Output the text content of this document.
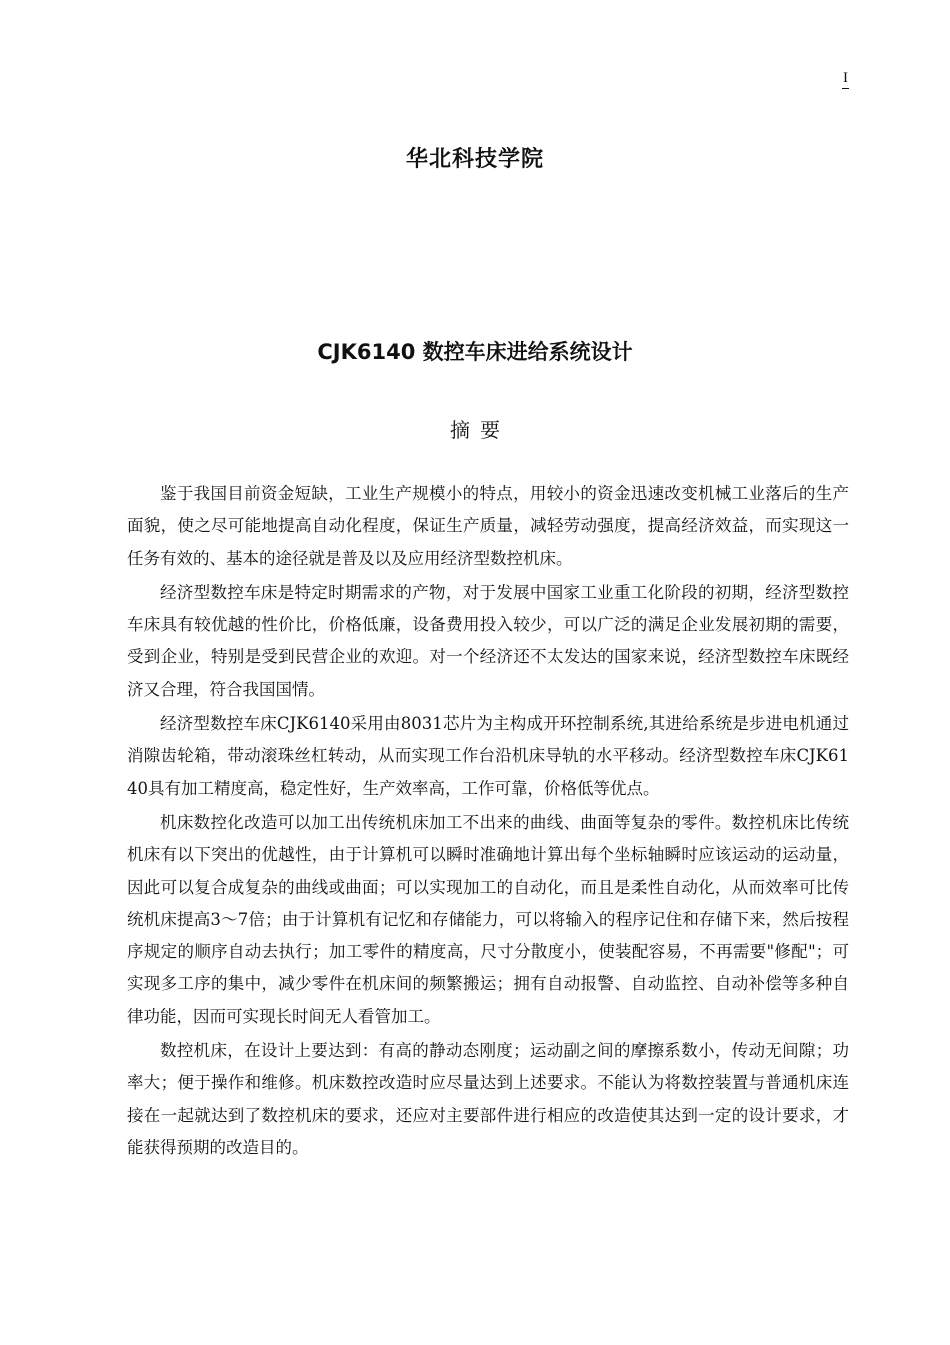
I
华北科技学院
CJK6140 数控车床进给系统设计
摘要

鉴于我国目前资金短缺，工业生产规模小的特点，用较小的资金迅速改变机械工业落后的生产面貌，使之尽可能地提高自动化程度，保证生产质量，减轻劳动强度，提高经济效益，而实现这一任务有效的、基本的途径就是普及以及应用经济型数控机床。

经济型数控车床是特定时期需求的产物，对于发展中国家工业重工化阶段的初期，经济型数控车床具有较优越的性价比，价格低廉，设备费用投入较少，可以广泛的满足企业发展初期的需要，受到企业，特别是受到民营企业的欢迎。对一个经济还不太发达的国家来说，经济型数控车床既经济又合理，符合我国国情。

经济型数控车床CJK6140采用由8031芯片为主构成开环控制系统,其进给系统是步进电机通过消隙齿轮箱，带动滚珠丝杠转动，从而实现工作台沿机床导轨的水平移动。经济型数控车床CJK6140具有加工精度高，稳定性好，生产效率高，工作可靠，价格低等优点。

机床数控化改造可以加工出传统机床加工不出来的曲线、曲面等复杂的零件。数控机床比传统机床有以下突出的优越性，由于计算机可以瞬时准确地计算出每个坐标轴瞬时应该运动的运动量，因此可以复合成复杂的曲线或曲面；可以实现加工的自动化，而且是柔性自动化，从而效率可比传统机床提高3～7倍；由于计算机有记忆和存储能力，可以将输入的程序记住和存储下来，然后按程序规定的顺序自动去执行；加工零件的精度高，尺寸分散度小，使装配容易，不再需要"修配"；可实现多工序的集中，减少零件在机床间的频繁搬运；拥有自动报警、自动监控、自动补偿等多种自律功能，因而可实现长时间无人看管加工。

数控机床，在设计上要达到：有高的静动态刚度；运动副之间的摩擦系数小，传动无间隙；功率大；便于操作和维修。机床数控改造时应尽量达到上述要求。不能认为将数控装置与普通机床连接在一起就达到了数控机床的要求，还应对主要部件进行相应的改造使其达到一定的设计要求，才能获得预期的改造目的。
